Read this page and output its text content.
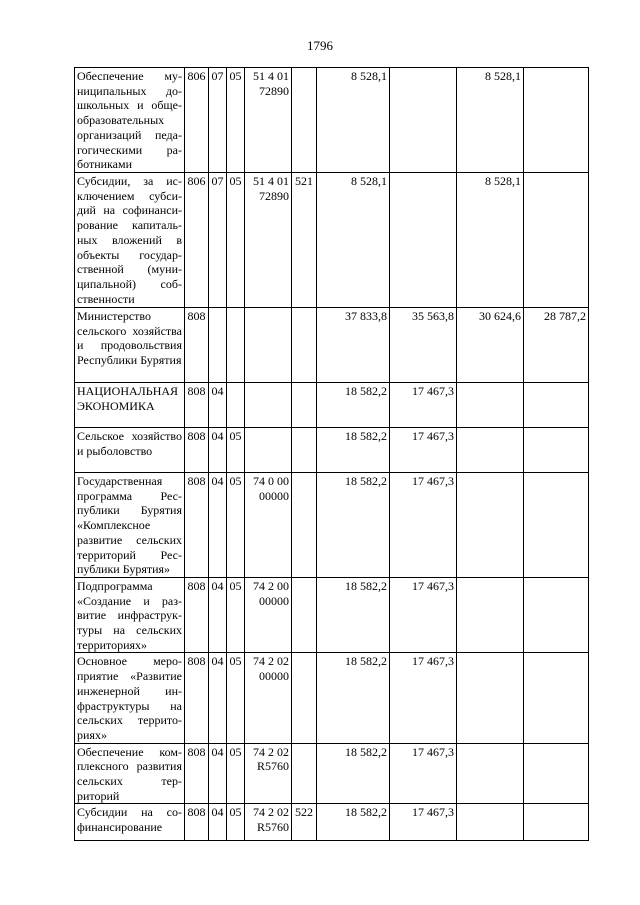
1796
Обеспечение муниципальных дошкольных и общеобразовательных организаций педагогическими работниками	806	07	05	51 4 01 72890		8 528,1		8 528,1	
Субсидии, за исключением субсидий на софинансирование капитальных вложений в объекты государственной (муниципальной) собственности	806	07	05	51 4 01 72890	521	8 528,1		8 528,1	
Министерство сельского хозяйства и продовольствия Республики Бурятия	808					37 833,8	35 563,8	30 624,6	28 787,2
НАЦИОНАЛЬНАЯ ЭКОНОМИКА	808	04				18 582,2	17 467,3		
Сельское хозяйство и рыболовство	808	04	05			18 582,2	17 467,3		
Государственная программа Республики Бурятия «Комплексное развитие сельских территорий Республики Бурятия»	808	04	05	74 0 00 00000		18 582,2	17 467,3		
Подпрограмма «Создание и развитие инфраструктуры на сельских территориях»	808	04	05	74 2 00 00000		18 582,2	17 467,3		
Основное мероприятие «Развитие инженерной инфраструктуры на сельских территориях»	808	04	05	74 2 02 00000		18 582,2	17 467,3		
Обеспечение комплексного развития сельских территорий	808	04	05	74 2 02 R5760		18 582,2	17 467,3		
Субсидии на софинансирование	808	04	05	74 2 02 R5760	522	18 582,2	17 467,3		
